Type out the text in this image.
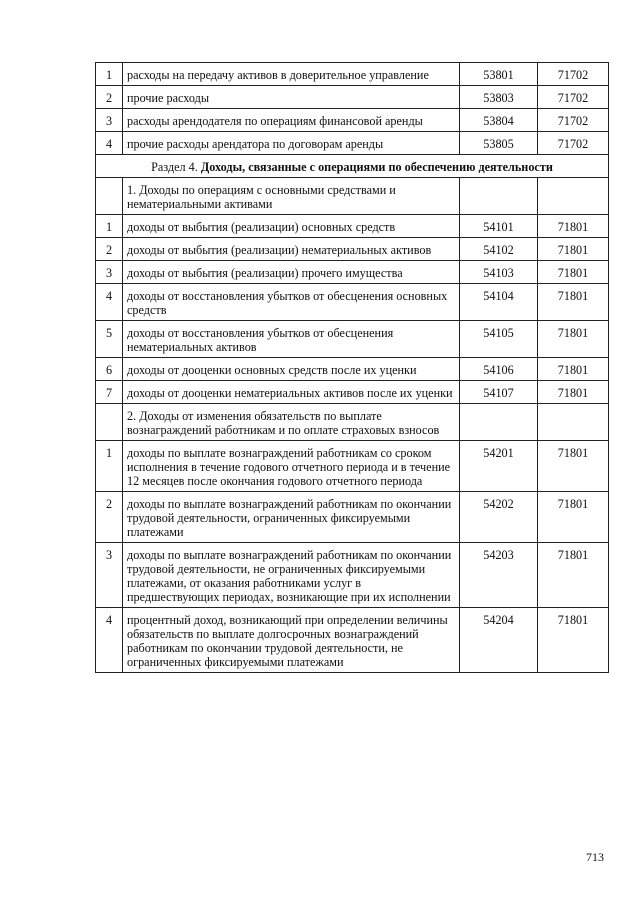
1	расходы на передачу активов в доверительное управление	53801	71702
2	прочие расходы	53803	71702
3	расходы арендодателя по операциям финансовой аренды	53804	71702
4	прочие расходы арендатора по договорам аренды	53805	71702
Раздел 4. Доходы, связанные с операциями по обеспечению деятельности			
	1. Доходы по операциям с основными средствами и нематериальными активами		
1	доходы от выбытия (реализации) основных средств	54101	71801
2	доходы от выбытия (реализации) нематериальных активов	54102	71801
3	доходы от выбытия (реализации) прочего имущества	54103	71801
4	доходы от восстановления убытков от обесценения основных средств	54104	71801
5	доходы от восстановления убытков от обесценения нематериальных активов	54105	71801
6	доходы от дооценки основных средств после их уценки	54106	71801
7	доходы от дооценки нематериальных активов после их уценки	54107	71801
	2. Доходы от изменения обязательств по выплате вознаграждений работникам и по оплате страховых взносов		
1	доходы по выплате вознаграждений работникам со сроком исполнения в течение годового отчетного периода и в течение 12 месяцев после окончания годового отчетного периода	54201	71801
2	доходы по выплате вознаграждений работникам по окончании трудовой деятельности, ограниченных фиксируемыми платежами	54202	71801
3	доходы по выплате вознаграждений работникам по окончании трудовой деятельности, не ограниченных фиксируемыми платежами, от оказания работниками услуг в предшествующих периодах, возникающие при их исполнении	54203	71801
4	процентный доход, возникающий при определении величины обязательств по выплате долгосрочных вознаграждений работникам по окончании трудовой деятельности, не ограниченных фиксируемыми платежами	54204	71801
713
